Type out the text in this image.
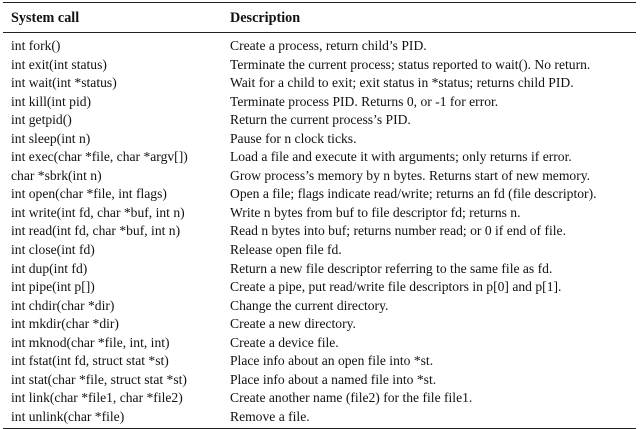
System call	Description
int fork()	Create a process, return child’s PID.
int exit(int status)	Terminate the current process; status reported to wait(). No return.
int wait(int *status)	Wait for a child to exit; exit status in *status; returns child PID.
int kill(int pid)	Terminate process PID. Returns 0, or -1 for error.
int getpid()	Return the current process’s PID.
int sleep(int n)	Pause for n clock ticks.
int exec(char *file, char *argv[])	Load a file and execute it with arguments; only returns if error.
char *sbrk(int n)	Grow process’s memory by n bytes. Returns start of new memory.
int open(char *file, int flags)	Open a file; flags indicate read/write; returns an fd (file descriptor).
int write(int fd, char *buf, int n)	Write n bytes from buf to file descriptor fd; returns n.
int read(int fd, char *buf, int n)	Read n bytes into buf; returns number read; or 0 if end of file.
int close(int fd)	Release open file fd.
int dup(int fd)	Return a new file descriptor referring to the same file as fd.
int pipe(int p[])	Create a pipe, put read/write file descriptors in p[0] and p[1].
int chdir(char *dir)	Change the current directory.
int mkdir(char *dir)	Create a new directory.
int mknod(char *file, int, int)	Create a device file.
int fstat(int fd, struct stat *st)	Place info about an open file into *st.
int stat(char *file, struct stat *st)	Place info about a named file into *st.
int link(char *file1, char *file2)	Create another name (file2) for the file file1.
int unlink(char *file)	Remove a file.
